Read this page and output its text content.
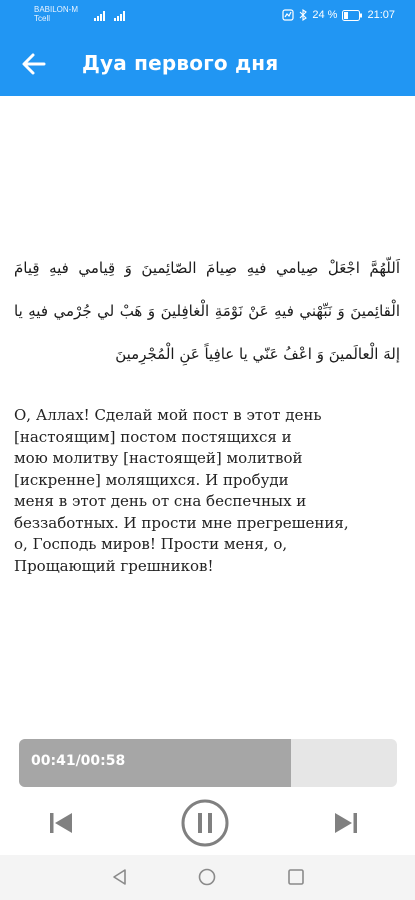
BABILON-M
Tcell	24 %	21:07
Дуа первого дня
اَللّهُمَّ اجْعَلْ صِيامي فيهِ صِيامَ الصّائِمينَ وَ قِيامي فيهِ قِيامَ الْقائِمينَ وَ نَبِّهْني فيهِ عَنْ نَوْمَةِ الْغافِلينَ وَ هَبْ لي جُرْمي فيهِ يا إلهَ الْعالَمينَ وَ اعْفُ عَنّي يا عافِياً عَنِ الْمُجْرِمينَ
О, Аллах! Сделай мой пост в этот день
[настоящим] постом постящихся и
мою молитву [настоящей] молитвой
[искренне] молящихся. И пробуди
меня в этот день от сна беспечных и
беззаботных. И прости мне прегрешения,
о, Господь миров! Прости меня, о,
Прощающий грешников!
00:41/00:58
